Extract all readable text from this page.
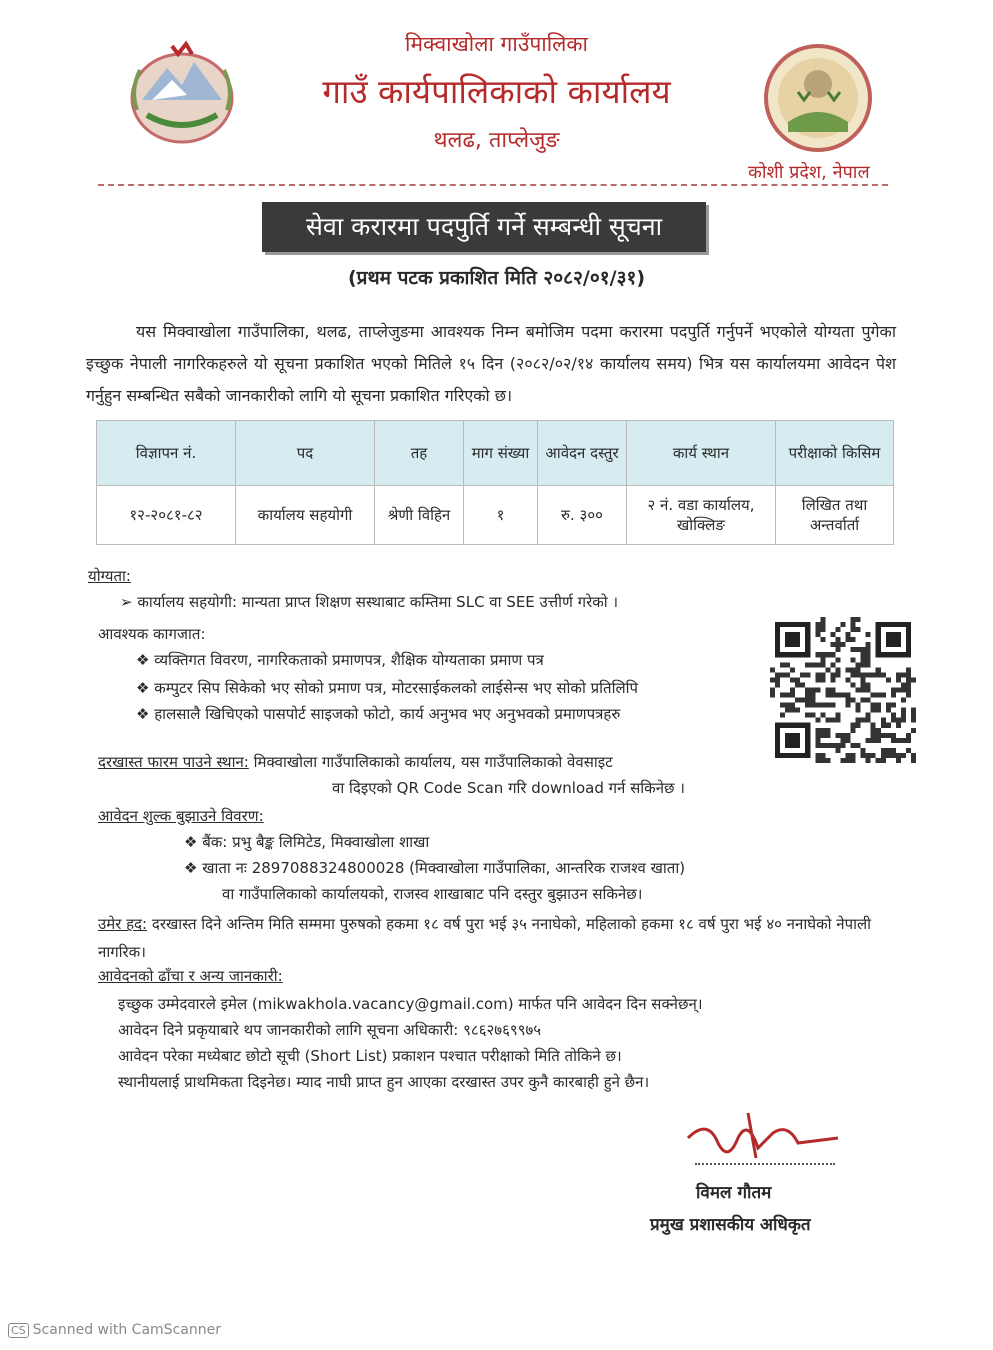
मिक्वाखोला गाउँपालिका
गाउँ कार्यपालिकाको कार्यालय
थलढ, ताप्लेजुङ
कोशी प्रदेश, नेपाल
सेवा करारमा पदपुर्ति गर्ने सम्बन्धी सूचना
(प्रथम पटक प्रकाशित मिति २०८२/०१/३१)
यस मिक्वाखोला गाउँपालिका, थलढ, ताप्लेजुङमा आवश्यक निम्न बमोजिम पदमा करारमा पदपुर्ति गर्नुपर्ने भएकोले योग्यता पुगेका इच्छुक नेपाली नागरिकहरुले यो सूचना प्रकाशित भएको मितिले १५ दिन (२०८२/०२/१४ कार्यालय समय) भित्र यस कार्यालयमा आवेदन पेश गर्नुहुन सम्बन्धित सबैको जानकारीको लागि यो सूचना प्रकाशित गरिएको छ।
विज्ञापन नं.	पद	तह	माग संख्या	आवेदन दस्तुर	कार्य स्थान	परीक्षाको किसिम
१२-२०८१-८२	कार्यालय सहयोगी	श्रेणी विहिन	१	रु. ३००	२ नं. वडा कार्यालय, खोक्लिङ	लिखित तथा अन्तर्वार्ता
योग्यता:
➢ कार्यालय सहयोगी: मान्यता प्राप्त शिक्षण सस्थाबाट कम्तिमा SLC वा SEE उत्तीर्ण गरेको ।
आवश्यक कागजात:
❖ व्यक्तिगत विवरण, नागरिकताको प्रमाणपत्र, शैक्षिक योग्यताका प्रमाण पत्र
❖ कम्पुटर सिप सिकेको भए सोको प्रमाण पत्र, मोटरसाईकलको लाईसेन्स भए सोको प्रतिलिपि
❖ हालसालै खिचिएको पासपोर्ट साइजको फोटो, कार्य अनुभव भए अनुभवको प्रमाणपत्रहरु
दरखास्त फारम पाउने स्थान: मिक्वाखोला गाउँपालिकाको कार्यालय, यस गाउँपालिकाको वेवसाइट
वा दिइएको QR Code Scan गरि download गर्न सकिनेछ ।
आवेदन शुल्क बुझाउने विवरण:
❖ बैंक: प्रभु बैङ्क लिमिटेड, मिक्वाखोला शाखा
❖ खाता नः 2897088324800028 (मिक्वाखोला गाउँपालिका, आन्तरिक राजश्व खाता)
वा गाउँपालिकाको कार्यालयको, राजस्व शाखाबाट पनि दस्तुर बुझाउन सकिनेछ।
उमेर हद: दरखास्त दिने अन्तिम मिति सम्ममा पुरुषको हकमा १८ वर्ष पुरा भई ३५ ननाघेको, महिलाको हकमा १८ वर्ष पुरा भई ४० ननाघेको नेपाली नागरिक।
आवेदनको ढाँचा र अन्य जानकारी:
इच्छुक उम्मेदवारले इमेल (mikwakhola.vacancy@gmail.com) मार्फत पनि आवेदन दिन सक्नेछन्।
आवेदन दिने प्रकृयाबारे थप जानकारीको लागि सूचना अधिकारी: ९८६२७६९९७५
आवेदन परेका मध्येबाट छोटो सूची (Short List) प्रकाशन पश्चात परीक्षाको मिति तोकिने छ।
स्थानीयलाई प्राथमिकता दिइनेछ। म्याद नाघी प्राप्त हुन आएका दरखास्त उपर कुनै कारबाही हुने छैन।
विमल गौतम
प्रमुख प्रशासकीय अधिकृत
CS Scanned with CamScanner
